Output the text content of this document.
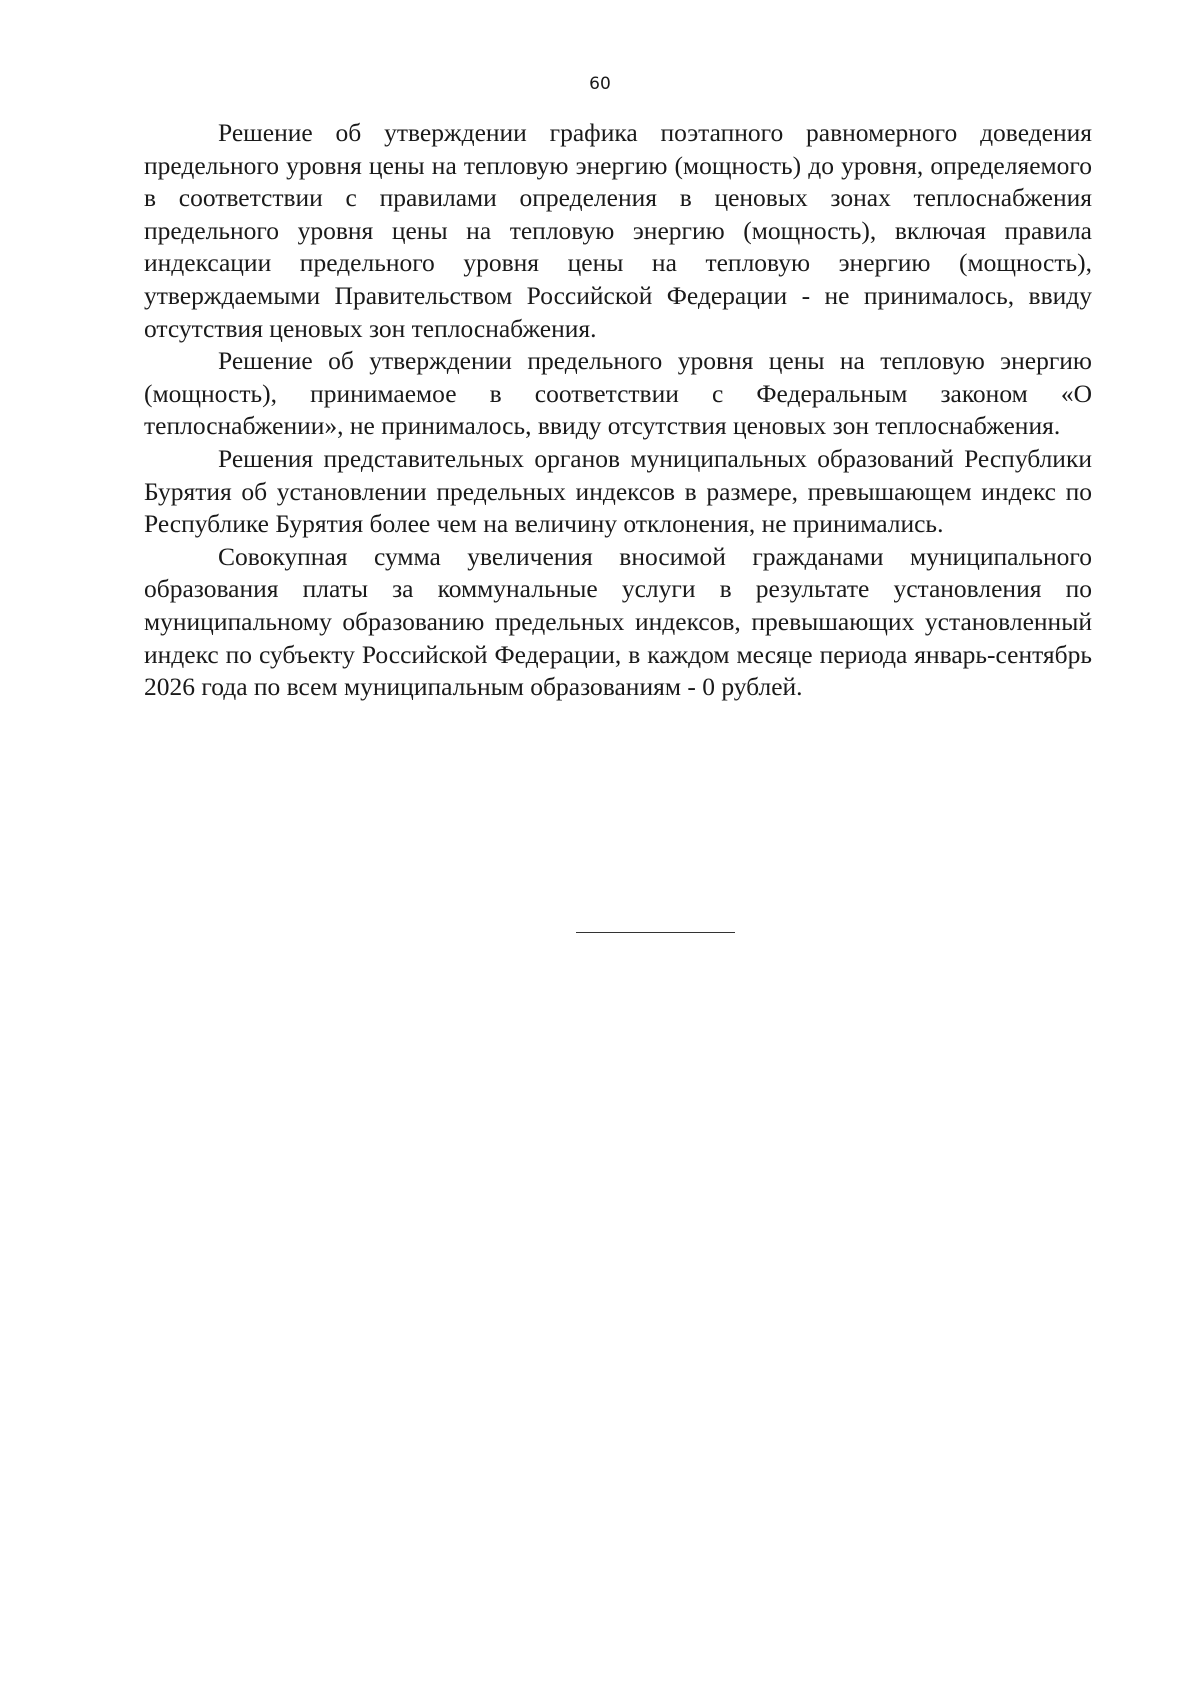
60

Решение об утверждении графика поэтапного равномерного доведения предельного уровня цены на тепловую энергию (мощность) до уровня, определяемого в соответствии с правилами определения в ценовых зонах теплоснабжения предельного уровня цены на тепловую энергию (мощность), включая правила индексации предельного уровня цены на тепловую энергию (мощность), утверждаемыми Правительством Российской Федерации - не принималось, ввиду отсутствия ценовых зон теплоснабжения.

Решение об утверждении предельного уровня цены на тепловую энергию (мощность), принимаемое в соответствии с Федеральным законом «О теплоснабжении», не принималось, ввиду отсутствия ценовых зон теплоснабжения.

Решения представительных органов муниципальных образований Республики Бурятия об установлении предельных индексов в размере, превышающем индекс по Республике Бурятия более чем на величину отклонения, не принимались.

Совокупная сумма увеличения вносимой гражданами муниципального образования платы за коммунальные услуги в результате установления по муниципальному образованию предельных индексов, превышающих установленный индекс по субъекту Российской Федерации, в каждом месяце периода январь-сентябрь 2026 года по всем муниципальным образованиям - 0 рублей.
